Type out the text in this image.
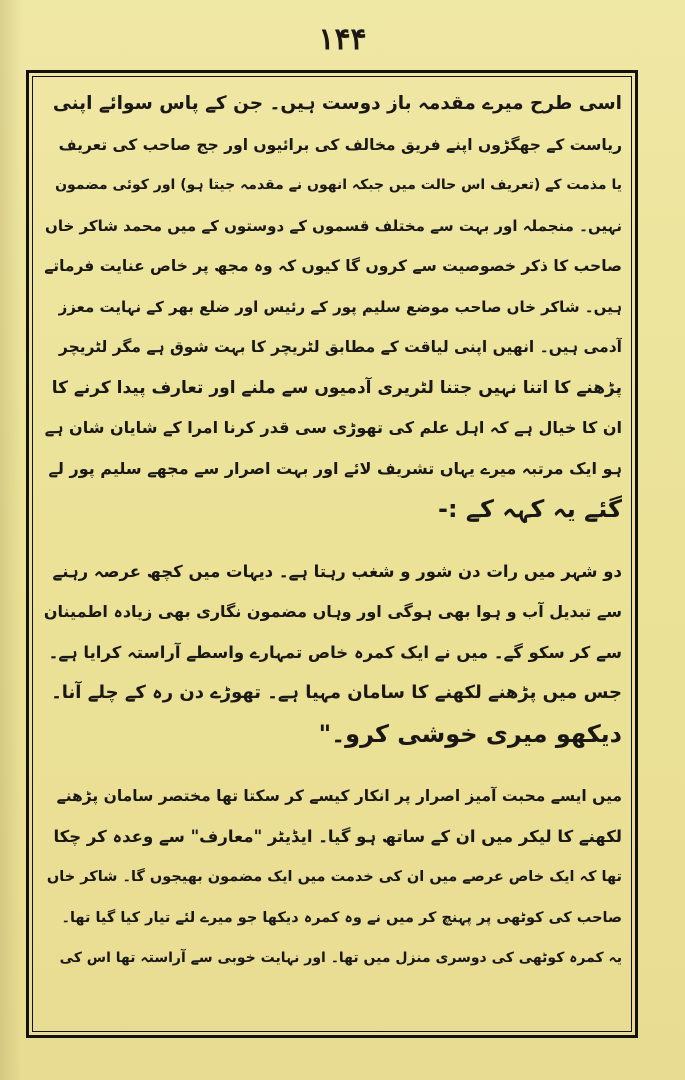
۱۴۴
اسی طرح میرے مقدمہ باز دوست ہیں۔ جن کے پاس سوائے اپنی
ریاست کے جھگڑوں اپنے فریق مخالف کی برائیوں اور جج صاحب کی تعریف
یا مذمت کے (تعریف اس حالت میں جبکہ انھوں نے مقدمہ جیتا ہو) اور کوئی مضمون
نہیں۔ منجملہ اور بہت سے مختلف قسموں کے دوستوں کے میں محمد شاکر خاں
صاحب کا ذکر خصوصیت سے کروں گا کیوں کہ وہ مجھ پر خاص عنایت فرماتے
ہیں۔ شاکر خاں صاحب موضع سلیم پور کے رئیس اور ضلع بھر کے نہایت معزز
آدمی ہیں۔ انھیں اپنی لیاقت کے مطابق لٹریچر کا بہت شوق ہے مگر لٹریچر
پڑھنے کا اتنا نہیں جتنا لٹریری آدمیوں سے ملنے اور تعارف پیدا کرنے کا
ان کا خیال ہے کہ اہل علم کی تھوڑی سی قدر کرنا امرا کے شایان شان ہے
ہو ایک مرتبہ میرے یہاں تشریف لائے اور بہت اصرار سے مجھے سلیم پور لے
گئے یہ کہہ کے :-
دو شہر میں رات دن شور و شغب رہتا ہے۔ دیہات میں کچھ عرصہ رہنے
سے تبدیل آب و ہوا بھی ہوگی اور وہاں مضمون نگاری بھی زیادہ اطمینان
سے کر سکو گے۔ میں نے ایک کمرہ خاص تمہارے واسطے آراستہ کرایا ہے۔
جس میں پڑھنے لکھنے کا سامان مہیا ہے۔ تھوڑے دن رہ کے چلے آنا۔
دیکھو میری خوشی کرو۔"
میں ایسے محبت آمیز اصرار پر انکار کیسے کر سکتا تھا مختصر سامان پڑھنے
لکھنے کا لیکر میں ان کے ساتھ ہو گیا۔ ایڈیٹر "معارف" سے وعدہ کر چکا
تھا کہ ایک خاص عرصے میں ان کی خدمت میں ایک مضمون بھیجوں گا۔ شاکر خاں
صاحب کی کوٹھی پر پہنچ کر میں نے وہ کمرہ دیکھا جو میرے لئے تیار کیا گیا تھا۔
یہ کمرہ کوٹھی کی دوسری منزل میں تھا۔ اور نہایت خوبی سے آراستہ تھا اس کی
